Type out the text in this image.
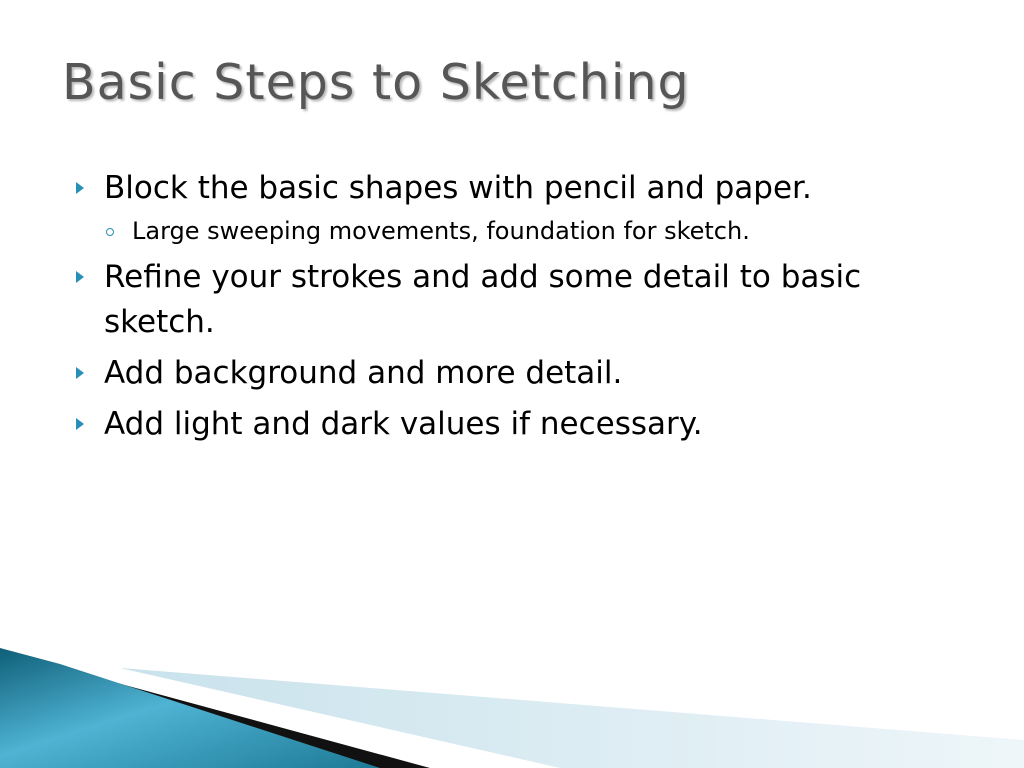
Basic Steps to Sketching
Block the basic shapes with pencil and paper.
Large sweeping movements, foundation for sketch.
Refine your strokes and add some detail to basic sketch.
Add background and more detail.
Add light and dark values if necessary.
